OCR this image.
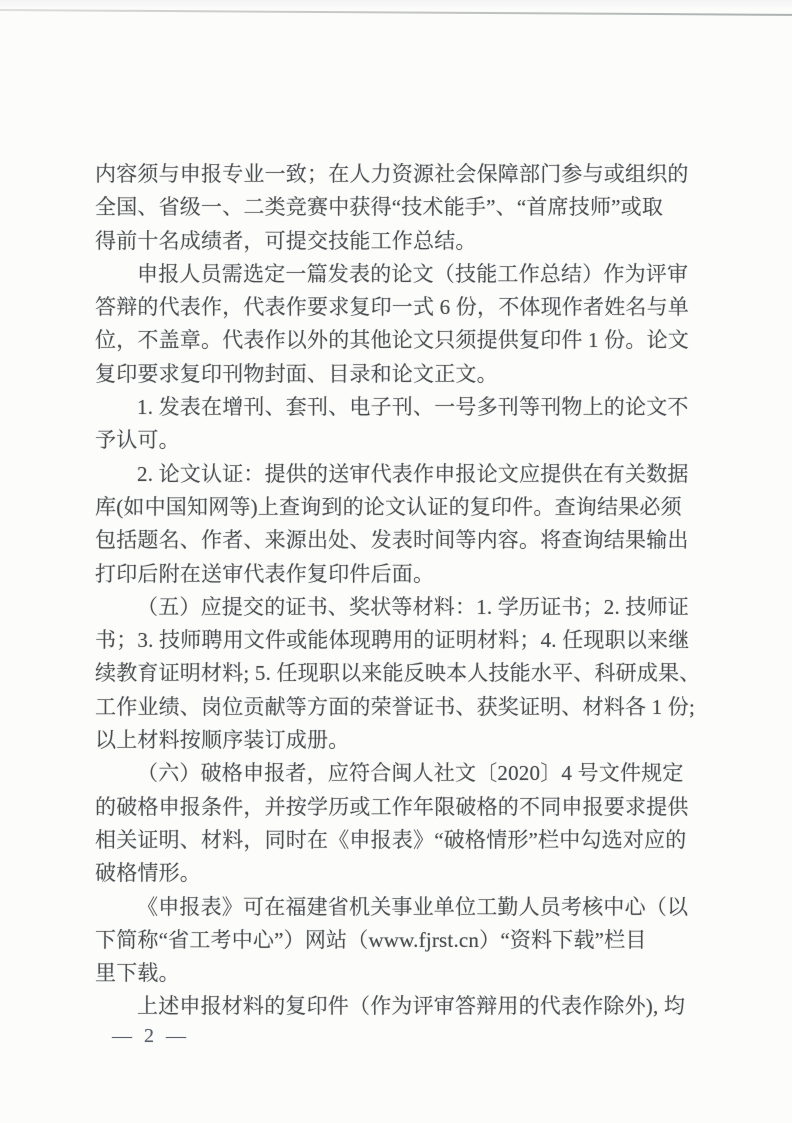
内容须与申报专业一致；在人力资源社会保障部门参与或组织的
全国、省级一、二类竞赛中获得“技术能手”、“首席技师”或取
得前十名成绩者，可提交技能工作总结。
申报人员需选定一篇发表的论文（技能工作总结）作为评审
答辩的代表作，代表作要求复印一式 6 份，不体现作者姓名与单
位，不盖章。代表作以外的其他论文只须提供复印件 1 份。论文
复印要求复印刊物封面、目录和论文正文。
1. 发表在增刊、套刊、电子刊、一号多刊等刊物上的论文不
予认可。
2. 论文认证：提供的送审代表作申报论文应提供在有关数据
库(如中国知网等)上查询到的论文认证的复印件。查询结果必须
包括题名、作者、来源出处、发表时间等内容。将查询结果输出
打印后附在送审代表作复印件后面。
（五）应提交的证书、奖状等材料：1. 学历证书；2. 技师证
书；3. 技师聘用文件或能体现聘用的证明材料；4. 任现职以来继
续教育证明材料; 5. 任现职以来能反映本人技能水平、科研成果、
工作业绩、岗位贡献等方面的荣誉证书、获奖证明、材料各 1 份;
以上材料按顺序装订成册。
（六）破格申报者，应符合闽人社文〔2020〕4 号文件规定
的破格申报条件，并按学历或工作年限破格的不同申报要求提供
相关证明、材料，同时在《申报表》“破格情形”栏中勾选对应的
破格情形。
《申报表》可在福建省机关事业单位工勤人员考核中心（以
下简称“省工考中心”）网站（www.fjrst.cn）“资料下载”栏目
里下载。
上述申报材料的复印件（作为评审答辩用的代表作除外), 均
— 2 —
